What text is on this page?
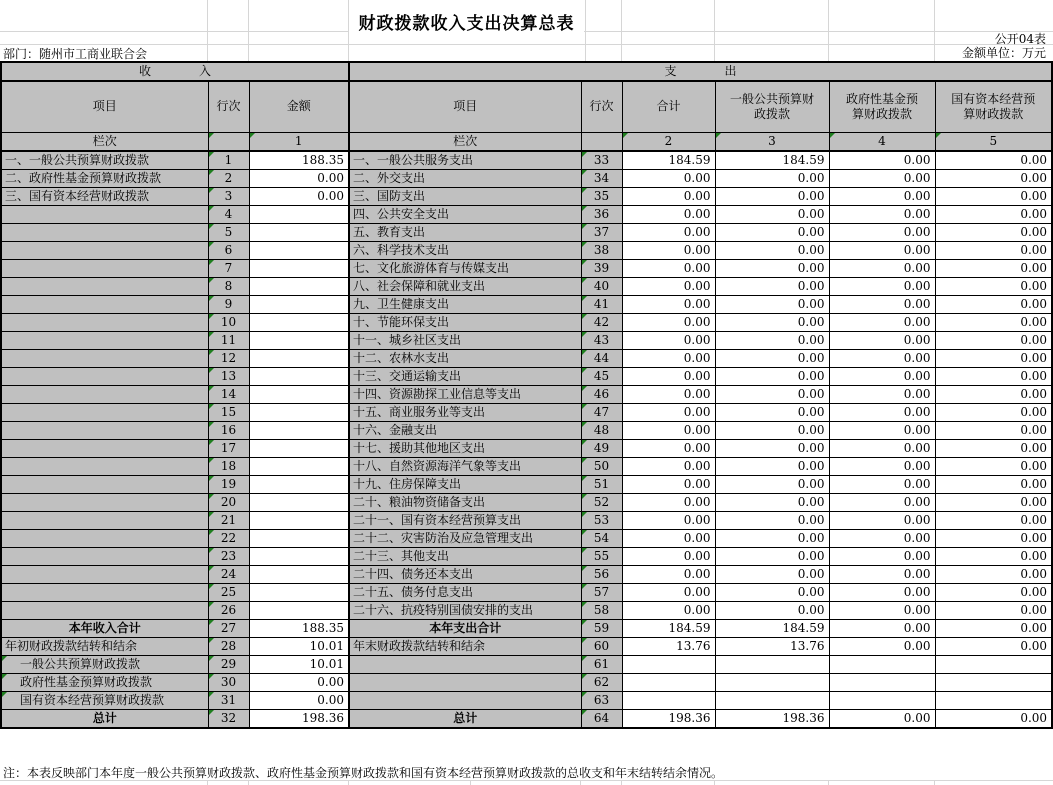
财政拨款收入支出决算总表
公开04表
部门：随州市工商业联合会	金额单位：万元
收　　　　入			支　　　　出					
项目	行次	金额	项目	行次	合计	一般公共预算财政拨款	政府性基金预算财政拨款	国有资本经营预算财政拨款
栏次		1	栏次		2	3	4	5
一、一般公共预算财政拨款	1	188.35	一、一般公共服务支出	33	184.59	184.59	0.00	0.00
二、政府性基金预算财政拨款	2	0.00	二、外交支出	34	0.00	0.00	0.00	0.00
三、国有资本经营财政拨款	3	0.00	三、国防支出	35	0.00	0.00	0.00	0.00
	4		四、公共安全支出	36	0.00	0.00	0.00	0.00
	5		五、教育支出	37	0.00	0.00	0.00	0.00
	6		六、科学技术支出	38	0.00	0.00	0.00	0.00
	7		七、文化旅游体育与传媒支出	39	0.00	0.00	0.00	0.00
	8		八、社会保障和就业支出	40	0.00	0.00	0.00	0.00
	9		九、卫生健康支出	41	0.00	0.00	0.00	0.00
	10		十、节能环保支出	42	0.00	0.00	0.00	0.00
	11		十一、城乡社区支出	43	0.00	0.00	0.00	0.00
	12		十二、农林水支出	44	0.00	0.00	0.00	0.00
	13		十三、交通运输支出	45	0.00	0.00	0.00	0.00
	14		十四、资源勘探工业信息等支出	46	0.00	0.00	0.00	0.00
	15		十五、商业服务业等支出	47	0.00	0.00	0.00	0.00
	16		十六、金融支出	48	0.00	0.00	0.00	0.00
	17		十七、援助其他地区支出	49	0.00	0.00	0.00	0.00
	18		十八、自然资源海洋气象等支出	50	0.00	0.00	0.00	0.00
	19		十九、住房保障支出	51	0.00	0.00	0.00	0.00
	20		二十、粮油物资储备支出	52	0.00	0.00	0.00	0.00
	21		二十一、国有资本经营预算支出	53	0.00	0.00	0.00	0.00
	22		二十二、灾害防治及应急管理支出	54	0.00	0.00	0.00	0.00
	23		二十三、其他支出	55	0.00	0.00	0.00	0.00
	24		二十四、债务还本支出	56	0.00	0.00	0.00	0.00
	25		二十五、债务付息支出	57	0.00	0.00	0.00	0.00
	26		二十六、抗疫特别国债安排的支出	58	0.00	0.00	0.00	0.00
本年收入合计	27	188.35	本年支出合计	59	184.59	184.59	0.00	0.00
年初财政拨款结转和结余	28	10.01	年末财政拨款结转和结余	60	13.76	13.76	0.00	0.00
一般公共预算财政拨款	29	10.01		61				
政府性基金预算财政拨款	30	0.00		62				
国有资本经营预算财政拨款	31	0.00		63				
总计	32	198.36	总计	64	198.36	198.36	0.00	0.00
注：本表反映部门本年度一般公共预算财政拨款、政府性基金预算财政拨款和国有资本经营预算财政拨款的总收支和年末结转结余情况。
